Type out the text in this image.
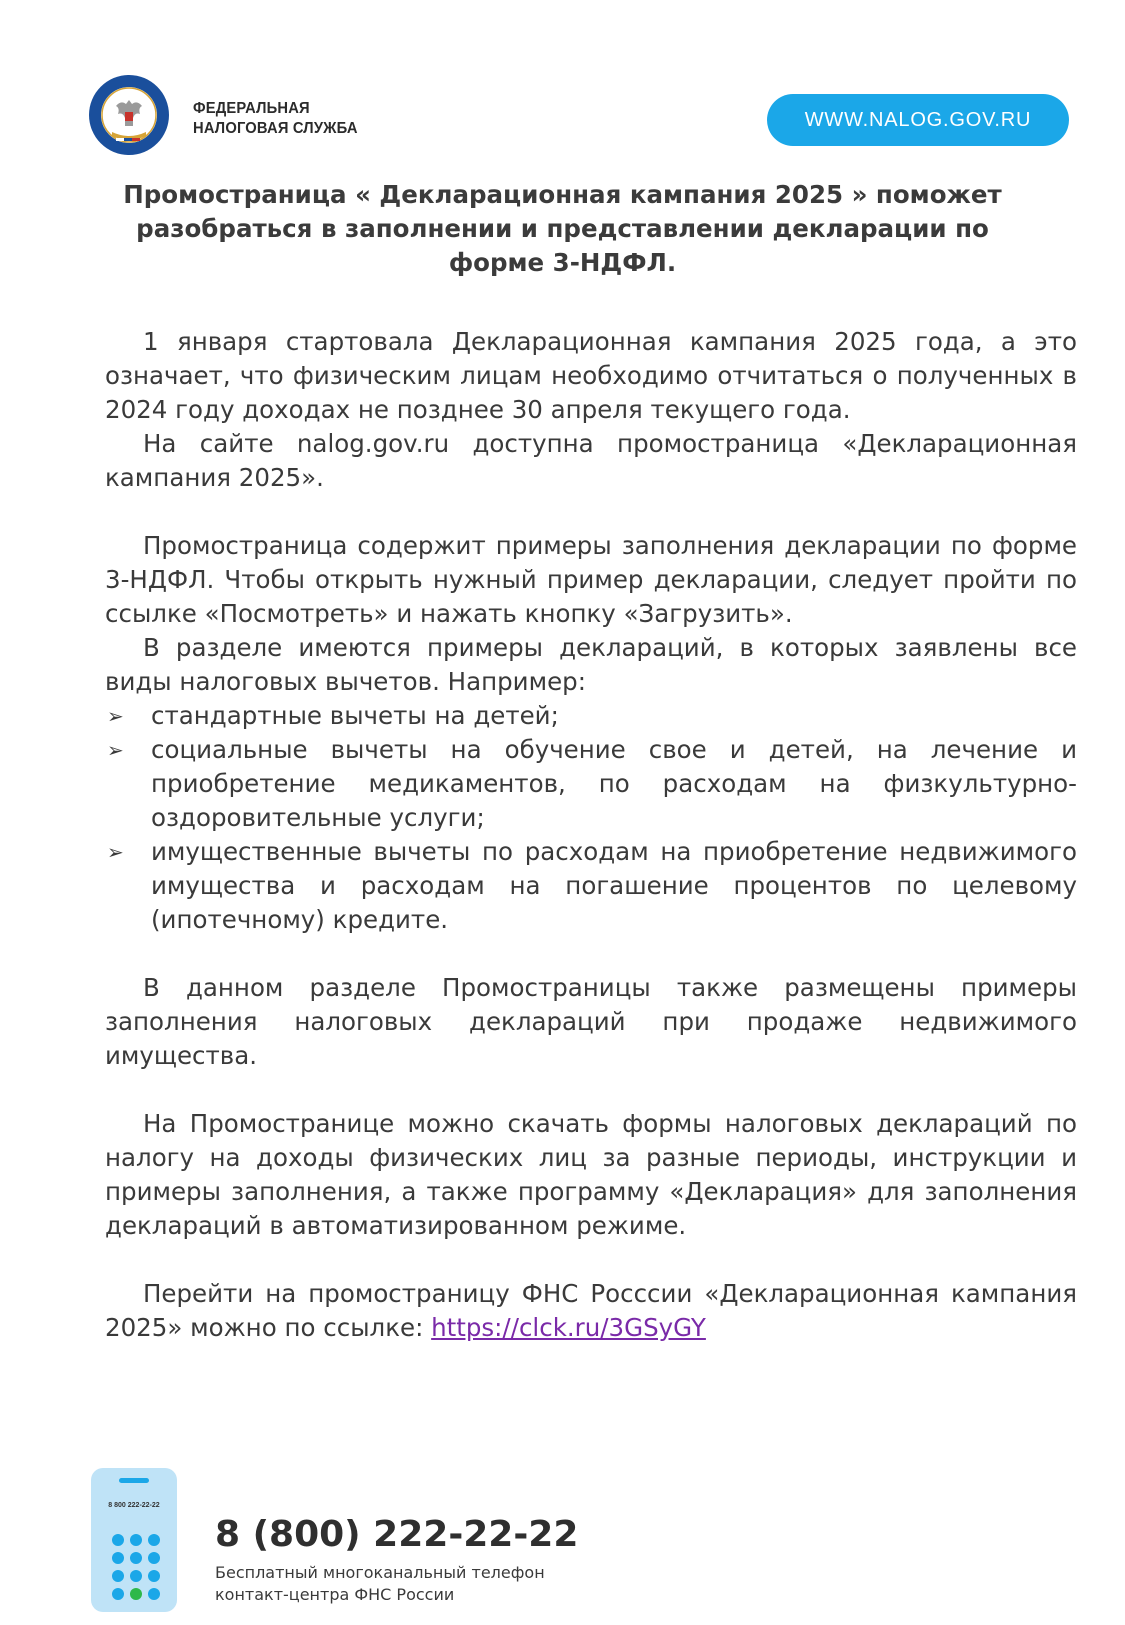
ФЕДЕРАЛЬНАЯ
НАЛОГОВАЯ СЛУЖБА	WWW.NALOG.GOV.RU
Промостраница « Декларационная кампания 2025 » поможет разобраться в заполнении и представлении декларации по форме 3-НДФЛ.

1 января стартовала Декларационная кампания 2025 года, а это означает, что физическим лицам необходимо отчитаться о полученных в 2024 году доходах не позднее 30 апреля текущего года.

На сайте nalog.gov.ru доступна промостраница «Декларационная кампания 2025».

Промостраница содержит примеры заполнения декларации по форме 3-НДФЛ. Чтобы открыть нужный пример декларации, следует пройти по ссылке «Посмотреть» и нажать кнопку «Загрузить».

В разделе имеются примеры деклараций, в которых заявлены все виды налоговых вычетов. Например:

➢ стандартные вычеты на детей;
➢ социальные вычеты на обучение свое и детей, на лечение и приобретение медикаментов, по расходам на физкультурно-оздоровительные услуги;
➢ имущественные вычеты по расходам на приобретение недвижимого имущества и расходам на погашение процентов по целевому (ипотечному) кредите.

В данном разделе Промостраницы также размещены примеры заполнения налоговых деклараций при продаже недвижимого имущества.

На Промостранице можно скачать формы налоговых деклараций по налогу на доходы физических лиц за разные периоды, инструкции и примеры заполнения, а также программу «Декларация» для заполнения деклараций в автоматизированном режиме.

Перейти на промостраницу ФНС Росссии «Декларационная кампания 2025» можно по ссылке: https://clck.ru/3GSyGY

8 800 222-22-22
8 (800) 222-22-22
Бесплатный многоканальный телефон
контакт-центра ФНС России
